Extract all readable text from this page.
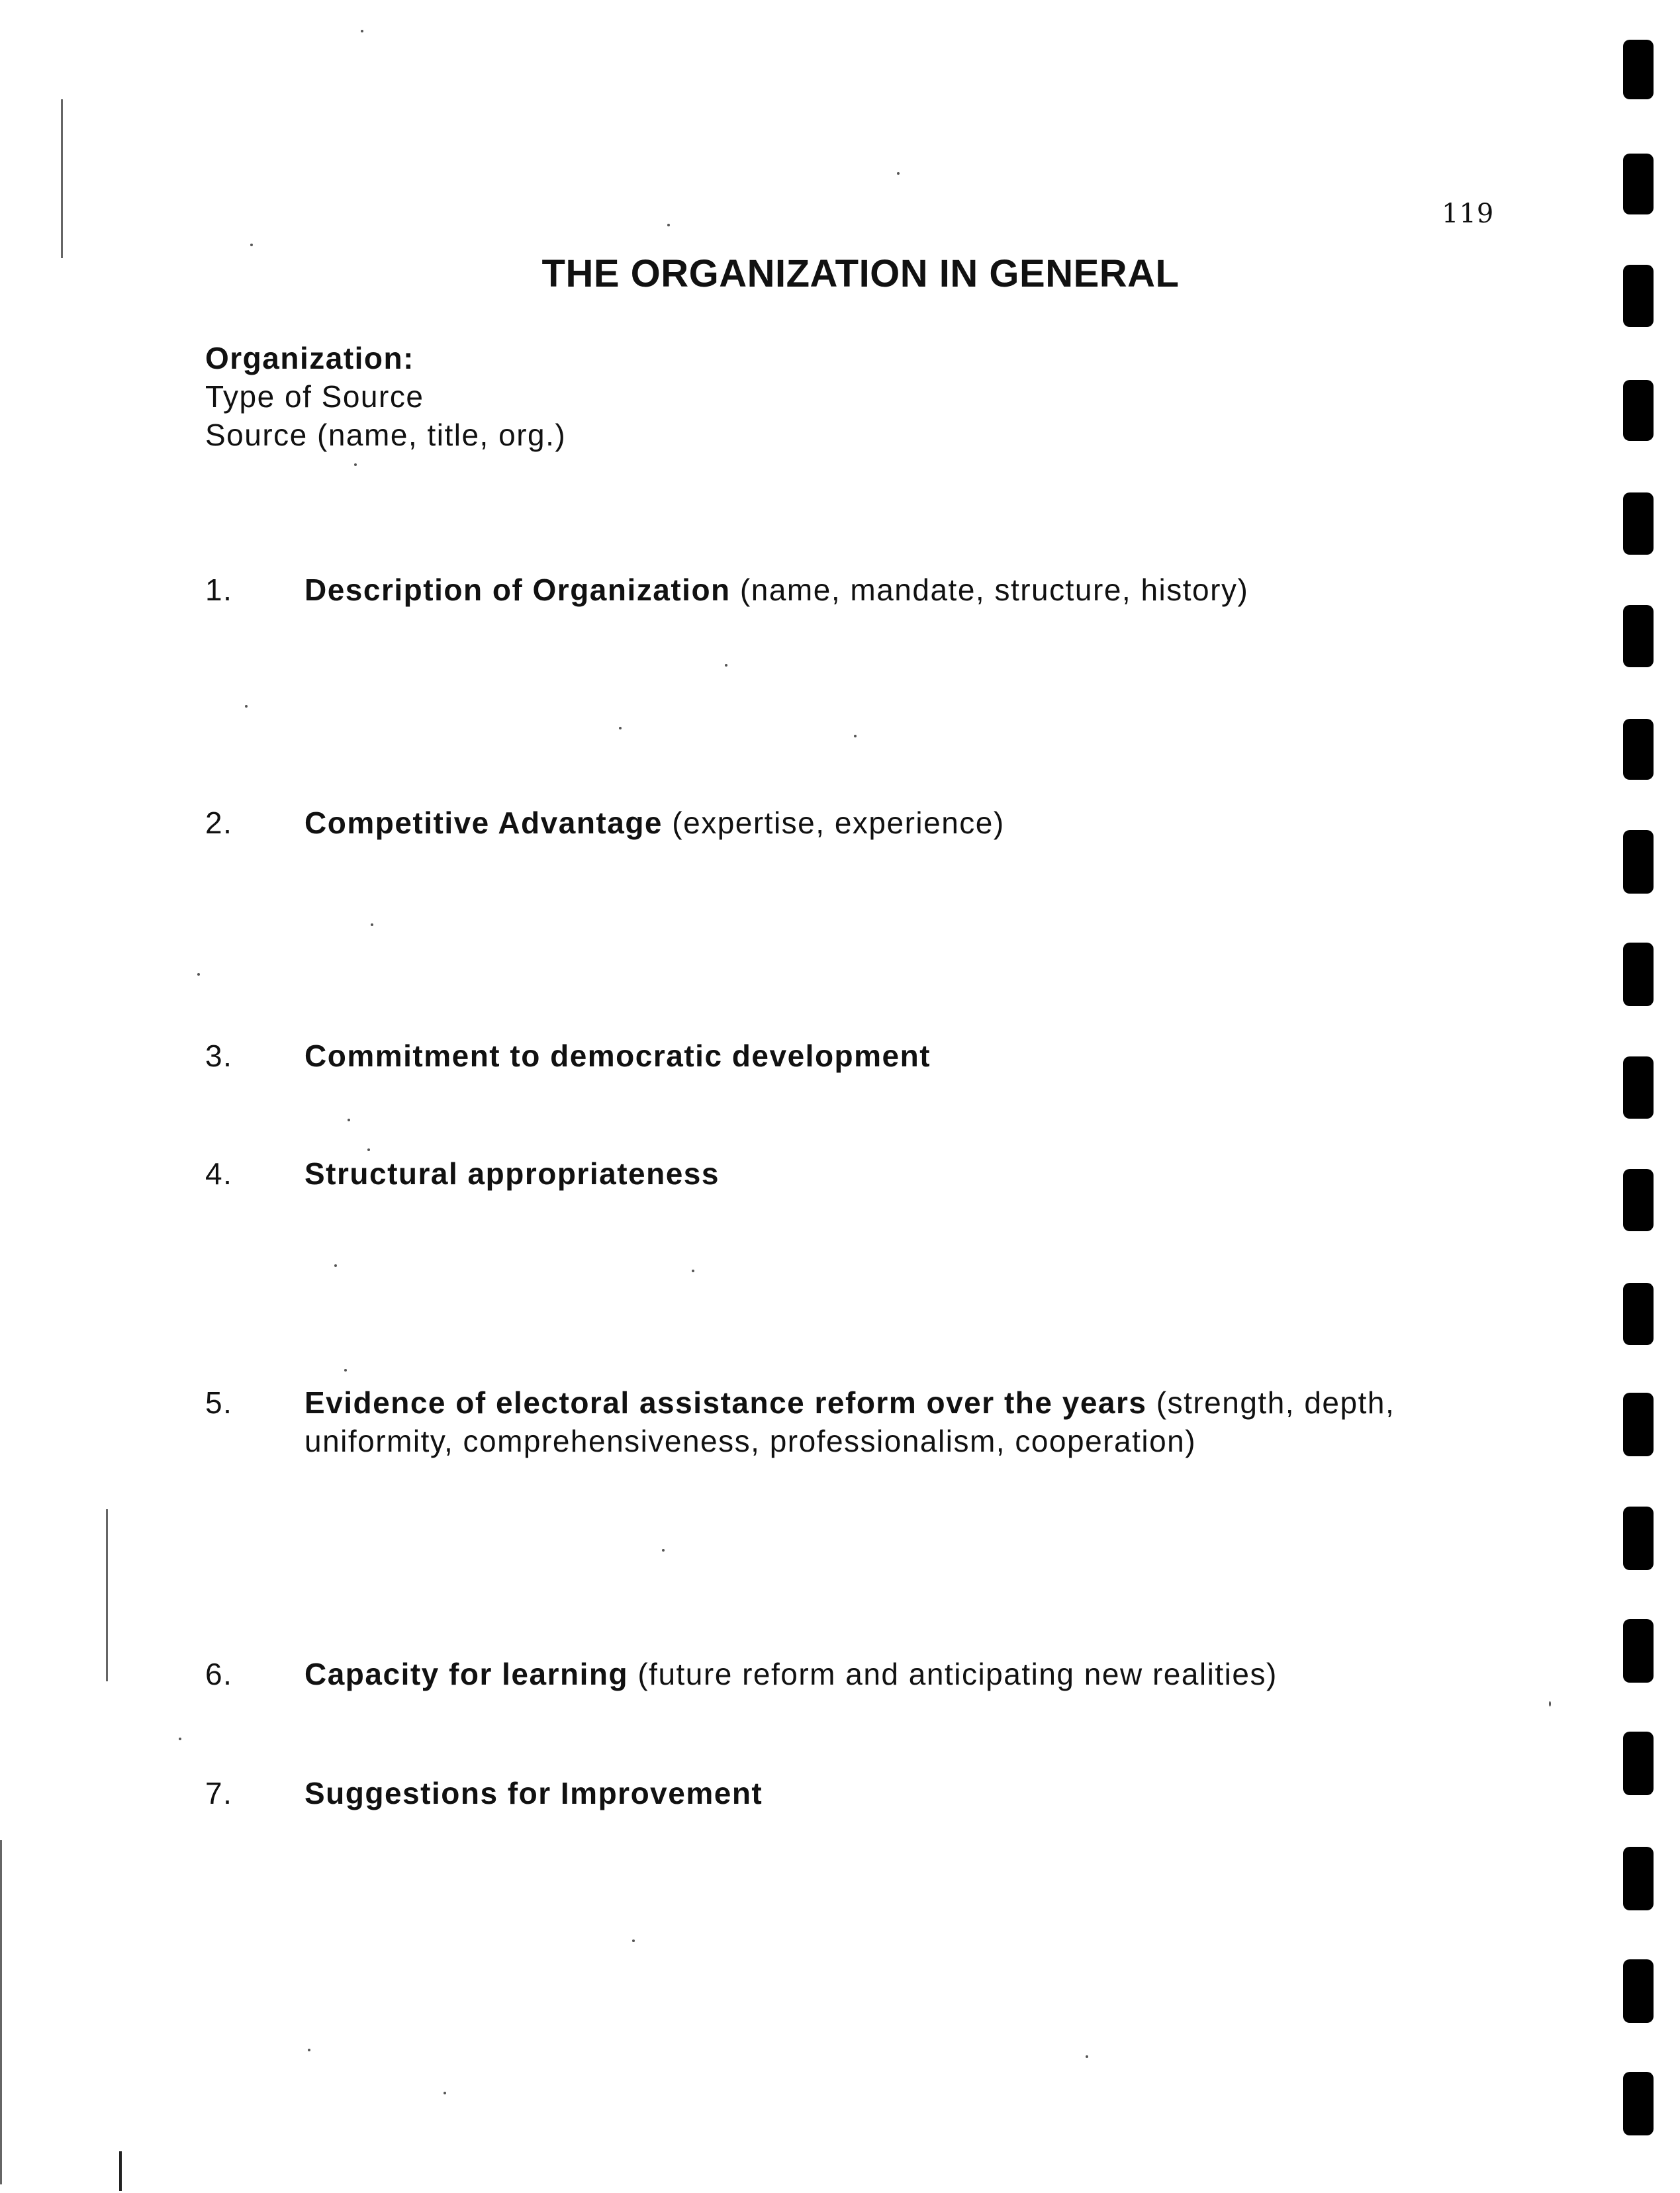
119
THE ORGANIZATION IN GENERAL
Organization:
Type of Source
Source (name, title, org.)
1. Description of Organization (name, mandate, structure, history)
2. Competitive Advantage (expertise, experience)
3. Commitment to democratic development
4. Structural appropriateness
5. Evidence of electoral assistance reform over the years (strength, depth, uniformity, comprehensiveness, professionalism, cooperation)
6. Capacity for learning (future reform and anticipating new realities)
7. Suggestions for Improvement
